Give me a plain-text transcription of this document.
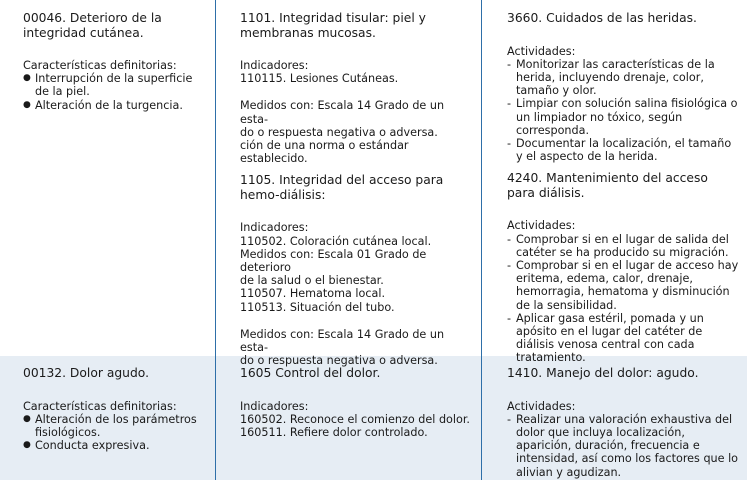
00046. Deterioro de la integridad cutánea.

Características definitorias:

● Interrupción de la superficie de la piel.
● Alteración de la turgencia.

1101. Integridad tisular: piel y membranas mucosas.

Indicadores:
110115. Lesiones Cutáneas.
Medidos con: Escala 14 Grado de un esta-
do o respuesta negativa o adversa.
ción de una norma o estándar establecido.

1105. Integridad del acceso para hemo-diálisis:

Indicadores:
110502. Coloración cutánea local.
Medidos con: Escala 01 Grado de deterioro
de la salud o el bienestar.
110507. Hematoma local.
110513. Situación del tubo.
Medidos con: Escala 14 Grado de un esta-
do o respuesta negativa o adversa.

3660. Cuidados de las heridas.

Actividades:

- Monitorizar las características de la herida, incluyendo drenaje, color, tamaño y olor.
- Limpiar con solución salina fisiológica o un limpiador no tóxico, según corresponda.
- Documentar la localización, el tamaño y el aspecto de la herida.

4240. Mantenimiento del acceso para diálisis.

Actividades:

- Comprobar si en el lugar de salida del catéter se ha producido su migración.
- Comprobar si en el lugar de acceso hay eritema, edema, calor, drenaje, hemorragia, hematoma y disminución de la sensibilidad.
- Aplicar gasa estéril, pomada y un apósito en el lugar del catéter de diálisis venosa central con cada tratamiento.

00132. Dolor agudo.

Características definitorias:

● Alteración de los parámetros fisiológicos.
● Conducta expresiva.

1605 Control del dolor.

Indicadores:
160502. Reconoce el comienzo del dolor.
160511. Refiere dolor controlado.

1410. Manejo del dolor: agudo.

Actividades:

- Realizar una valoración exhaustiva del dolor que incluya localización, aparición, duración, frecuencia e intensidad, así como los factores que lo alivian y agudizan.
